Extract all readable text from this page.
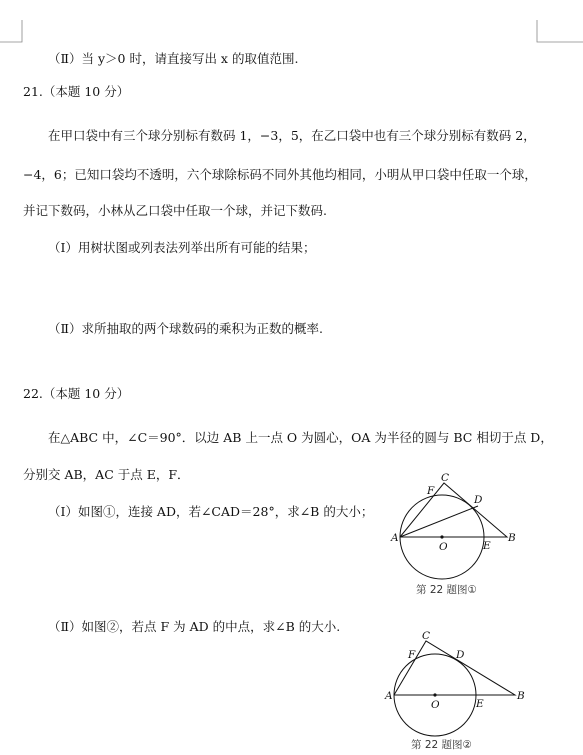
（Ⅱ）当 y＞0 时，请直接写出 x 的取值范围.
21.（本题 10 分）
在甲口袋中有三个球分别标有数码 1，−3，5，在乙口袋中也有三个球分别标有数码 2，
−4，6；已知口袋均不透明，六个球除标码不同外其他均相同，小明从甲口袋中任取一个球，
并记下数码，小林从乙口袋中任取一个球，并记下数码.
（Ⅰ）用树状图或列表法列举出所有可能的结果；
（Ⅱ）求所抽取的两个球数码的乘积为正数的概率.
22.（本题 10 分）
在△ABC 中，∠C＝90°．以边 AB 上一点 O 为圆心，OA 为半径的圆与 BC 相切于点 D，
分别交 AB，AC 于点 E，F．
（Ⅰ）如图①，连接 AD，若∠CAD＝28°，求∠B 的大小；
（Ⅱ）如图②，若点 F 为 AD 的中点，求∠B 的大小.
A	B
C
D
E
F
O
第 22 题图①
A	B
C
D
E
F
O
第 22 题图②
